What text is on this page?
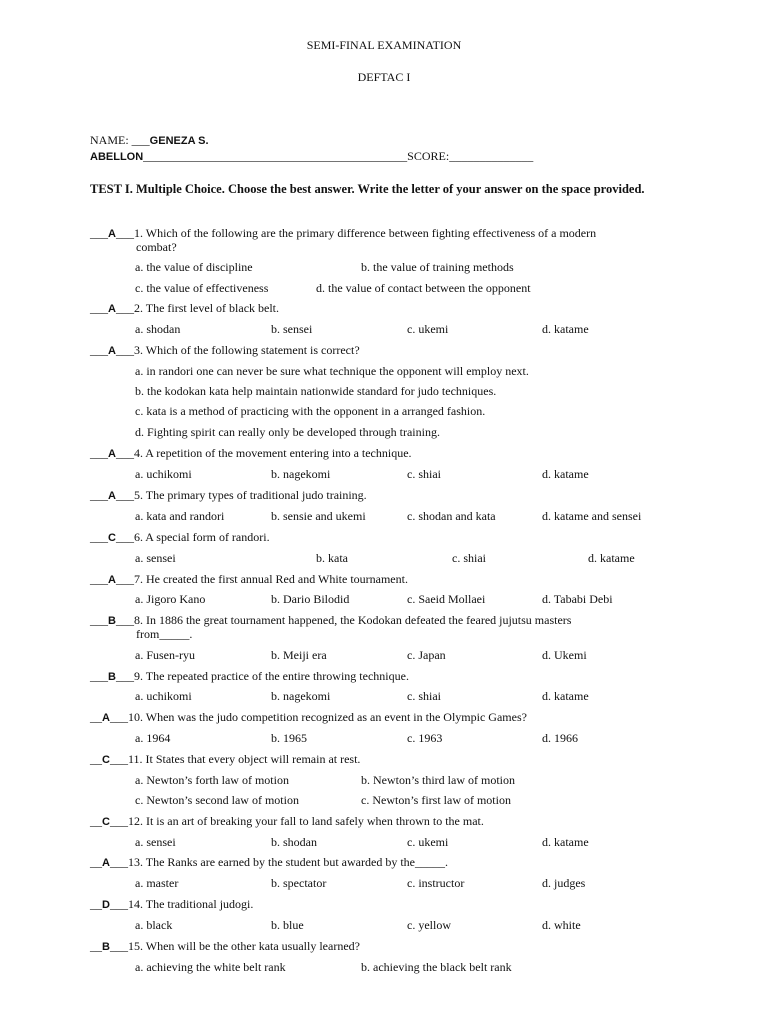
SEMI-FINAL EXAMINATION
DEFTAC I
NAME: ___GENEZA S.
ABELLON____________________________________________SCORE:______________
TEST I. Multiple Choice. Choose the best answer. Write the letter of your answer on the space provided.
___A___1. Which of the following are the primary difference between fighting effectiveness of a modern
combat?
a. the value of discipline	b. the value of training methods
c. the value of effectiveness	d. the value of contact between the opponent
___A___2. The first level of black belt.
a. shodan	b. sensei	c. ukemi	d. katame
___A___3. Which of the following statement is correct?
a. in randori one can never be sure what technique the opponent will employ next.
b. the kodokan kata help maintain nationwide standard for judo techniques.
c. kata is a method of practicing with the opponent in a arranged fashion.
d. Fighting spirit can really only be developed through training.
___A___4. A repetition of the movement entering into a technique.
a. uchikomi	b. nagekomi	c. shiai	d. katame
___A___5. The primary types of traditional judo training.
a. kata and randori	b. sensie and ukemi	c. shodan and kata	d. katame and sensei
___C___6. A special form of randori.
a. sensei	b. kata	c. shiai	d. katame
___A___7. He created the first annual Red and White tournament.
a. Jigoro Kano	b. Dario Bilodid	c. Saeid Mollaei	d. Tababi Debi
___B___8. In 1886 the great tournament happened, the Kodokan defeated the feared jujutsu masters
from_____.
a. Fusen-ryu	b. Meiji era	c. Japan	d. Ukemi
___B___9. The repeated practice of the entire throwing technique.
a. uchikomi	b. nagekomi	c. shiai	d. katame
__A___10. When was the judo competition recognized as an event in the Olympic Games?
a. 1964	b. 1965	c. 1963	d. 1966
__C___11. It States that every object will remain at rest.
a. Newton’s forth law of motion	b. Newton’s third law of motion
c. Newton’s second law of motion	c. Newton’s first law of motion
__C___12. It is an art of breaking your fall to land safely when thrown to the mat.
a. sensei	b. shodan	c. ukemi	d. katame
__A___13. The Ranks are earned by the student but awarded by the_____.
a. master	b. spectator	c. instructor	d. judges
__D___14. The traditional judogi.
a. black	b. blue	c. yellow	d. white
__B___15. When will be the other kata usually learned?
a. achieving the white belt rank	b. achieving the black belt rank
